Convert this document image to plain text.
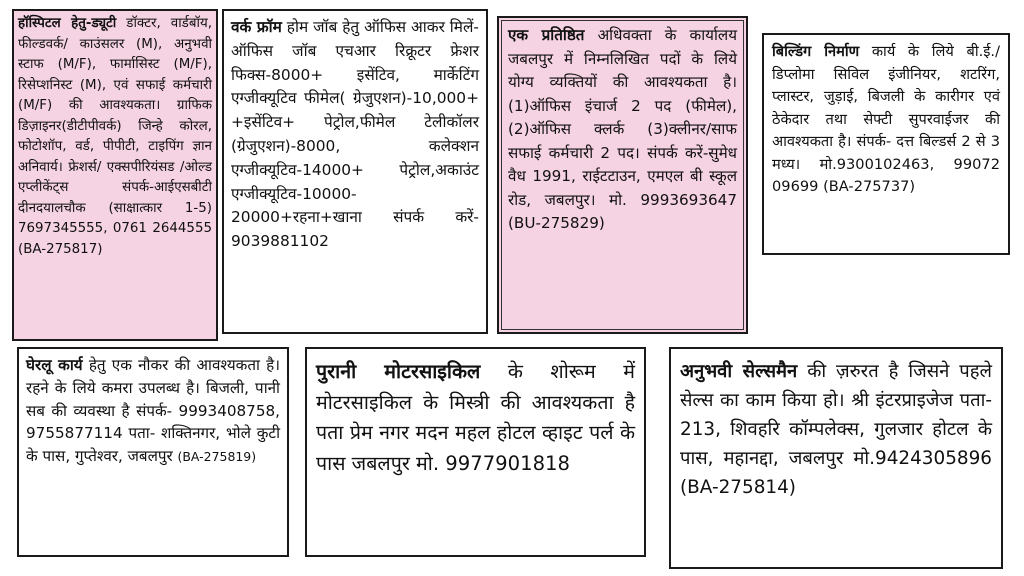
हॉस्पिटल हेतु-ड्यूटी डॉक्टर, वार्डबॉय, फील्डवर्क/ काउंसलर (M), अनुभवी स्टाफ (M/F), फार्मासिस्ट (M/F), रिसेप्शनिस्ट (M), एवं सफाई कर्मचारी (M/F) की आवश्यकता। ग्राफिक डिज़ाइनर(डीटीपीवर्क) जिन्हे कोरल, फोटोशॉप, वर्ड, पीपीटी, टाइपिंग ज्ञान अनिवार्य। फ्रेशर्स/ एक्सपीरियंसड /ओल्ड एप्लीकेंट्स संपर्क-आईएसबीटी दीनदयालचौक (साक्षात्कार 1-5) 7697345555, 0761 2644555 (BA-275817)

वर्क फ्रॉम होम जॉब हेतु ऑफिस आकर मिलें-ऑफिस जॉब एचआर रिक्रूटर फ्रेशर फिक्स-8000+ इसेंटिव, मार्केटिंग एग्जीक्यूटिव फीमेल( ग्रेजुएशन)-10,000+ +इसेंटिव+ पेट्रोल,फीमेल टेलीकॉलर (ग्रेजुएशन)-8000, कलेक्शन एग्जीक्यूटिव-14000+ पेट्रोल,अकाउंट एग्जीक्यूटिव-10000-20000+रहना+खाना संपर्क करें- 9039881102

एक प्रतिष्ठित अधिवक्ता के कार्यालय जबलपुर में निम्नलिखित पदों के लिये योग्य व्यक्तियों की आवश्यकता है। (1)ऑफिस इंचार्ज 2 पद (फीमेल), (2)ऑफिस क्लर्क (3)क्लीनर/साफ सफाई कर्मचारी 2 पद। संपर्क करें-सुमेध वैध 1991, राईटटाउन, एमएल बी स्कूल रोड, जबलपुर। मो. 9993693647 (BU-275829)

बिल्डिंग निर्माण कार्य के लिये बी.ई./ डिप्लोमा सिविल इंजीनियर, शटरिंग, प्लास्टर, जुड़ाई, बिजली के कारीगर एवं ठेकेदार तथा सेफ्टी सुपरवाईजर की आवश्यकता है। संपर्क- दत्त बिल्डर्स 2 से 3 मध्य। मो.9300102463, 99072 09699 (BA-275737)

घेरलू कार्य हेतु एक नौकर की आवश्यकता है। रहने के लिये कमरा उपलब्ध है। बिजली, पानी सब की व्यवस्था है संपर्क- 9993408758, 9755877114 पता- शक्तिनगर, भोले कुटी के पास, गुप्तेश्वर, जबलपुर (BA-275819)

पुरानी मोटरसाइकिल के शोरूम में मोटरसाइकिल के मिस्त्री की आवश्यकता है पता प्रेम नगर मदन महल होटल व्हाइट पर्ल के पास जबलपुर मो. 9977901818

अनुभवी सेल्समैन की ज़रुरत है जिसने पहले सेल्स का काम किया हो। श्री इंटरप्राइजेज पता- 213, शिवहरि कॉम्पलेक्स, गुलजार होटल के पास, महानद्दा, जबलपुर मो.9424305896 (BA-275814)
